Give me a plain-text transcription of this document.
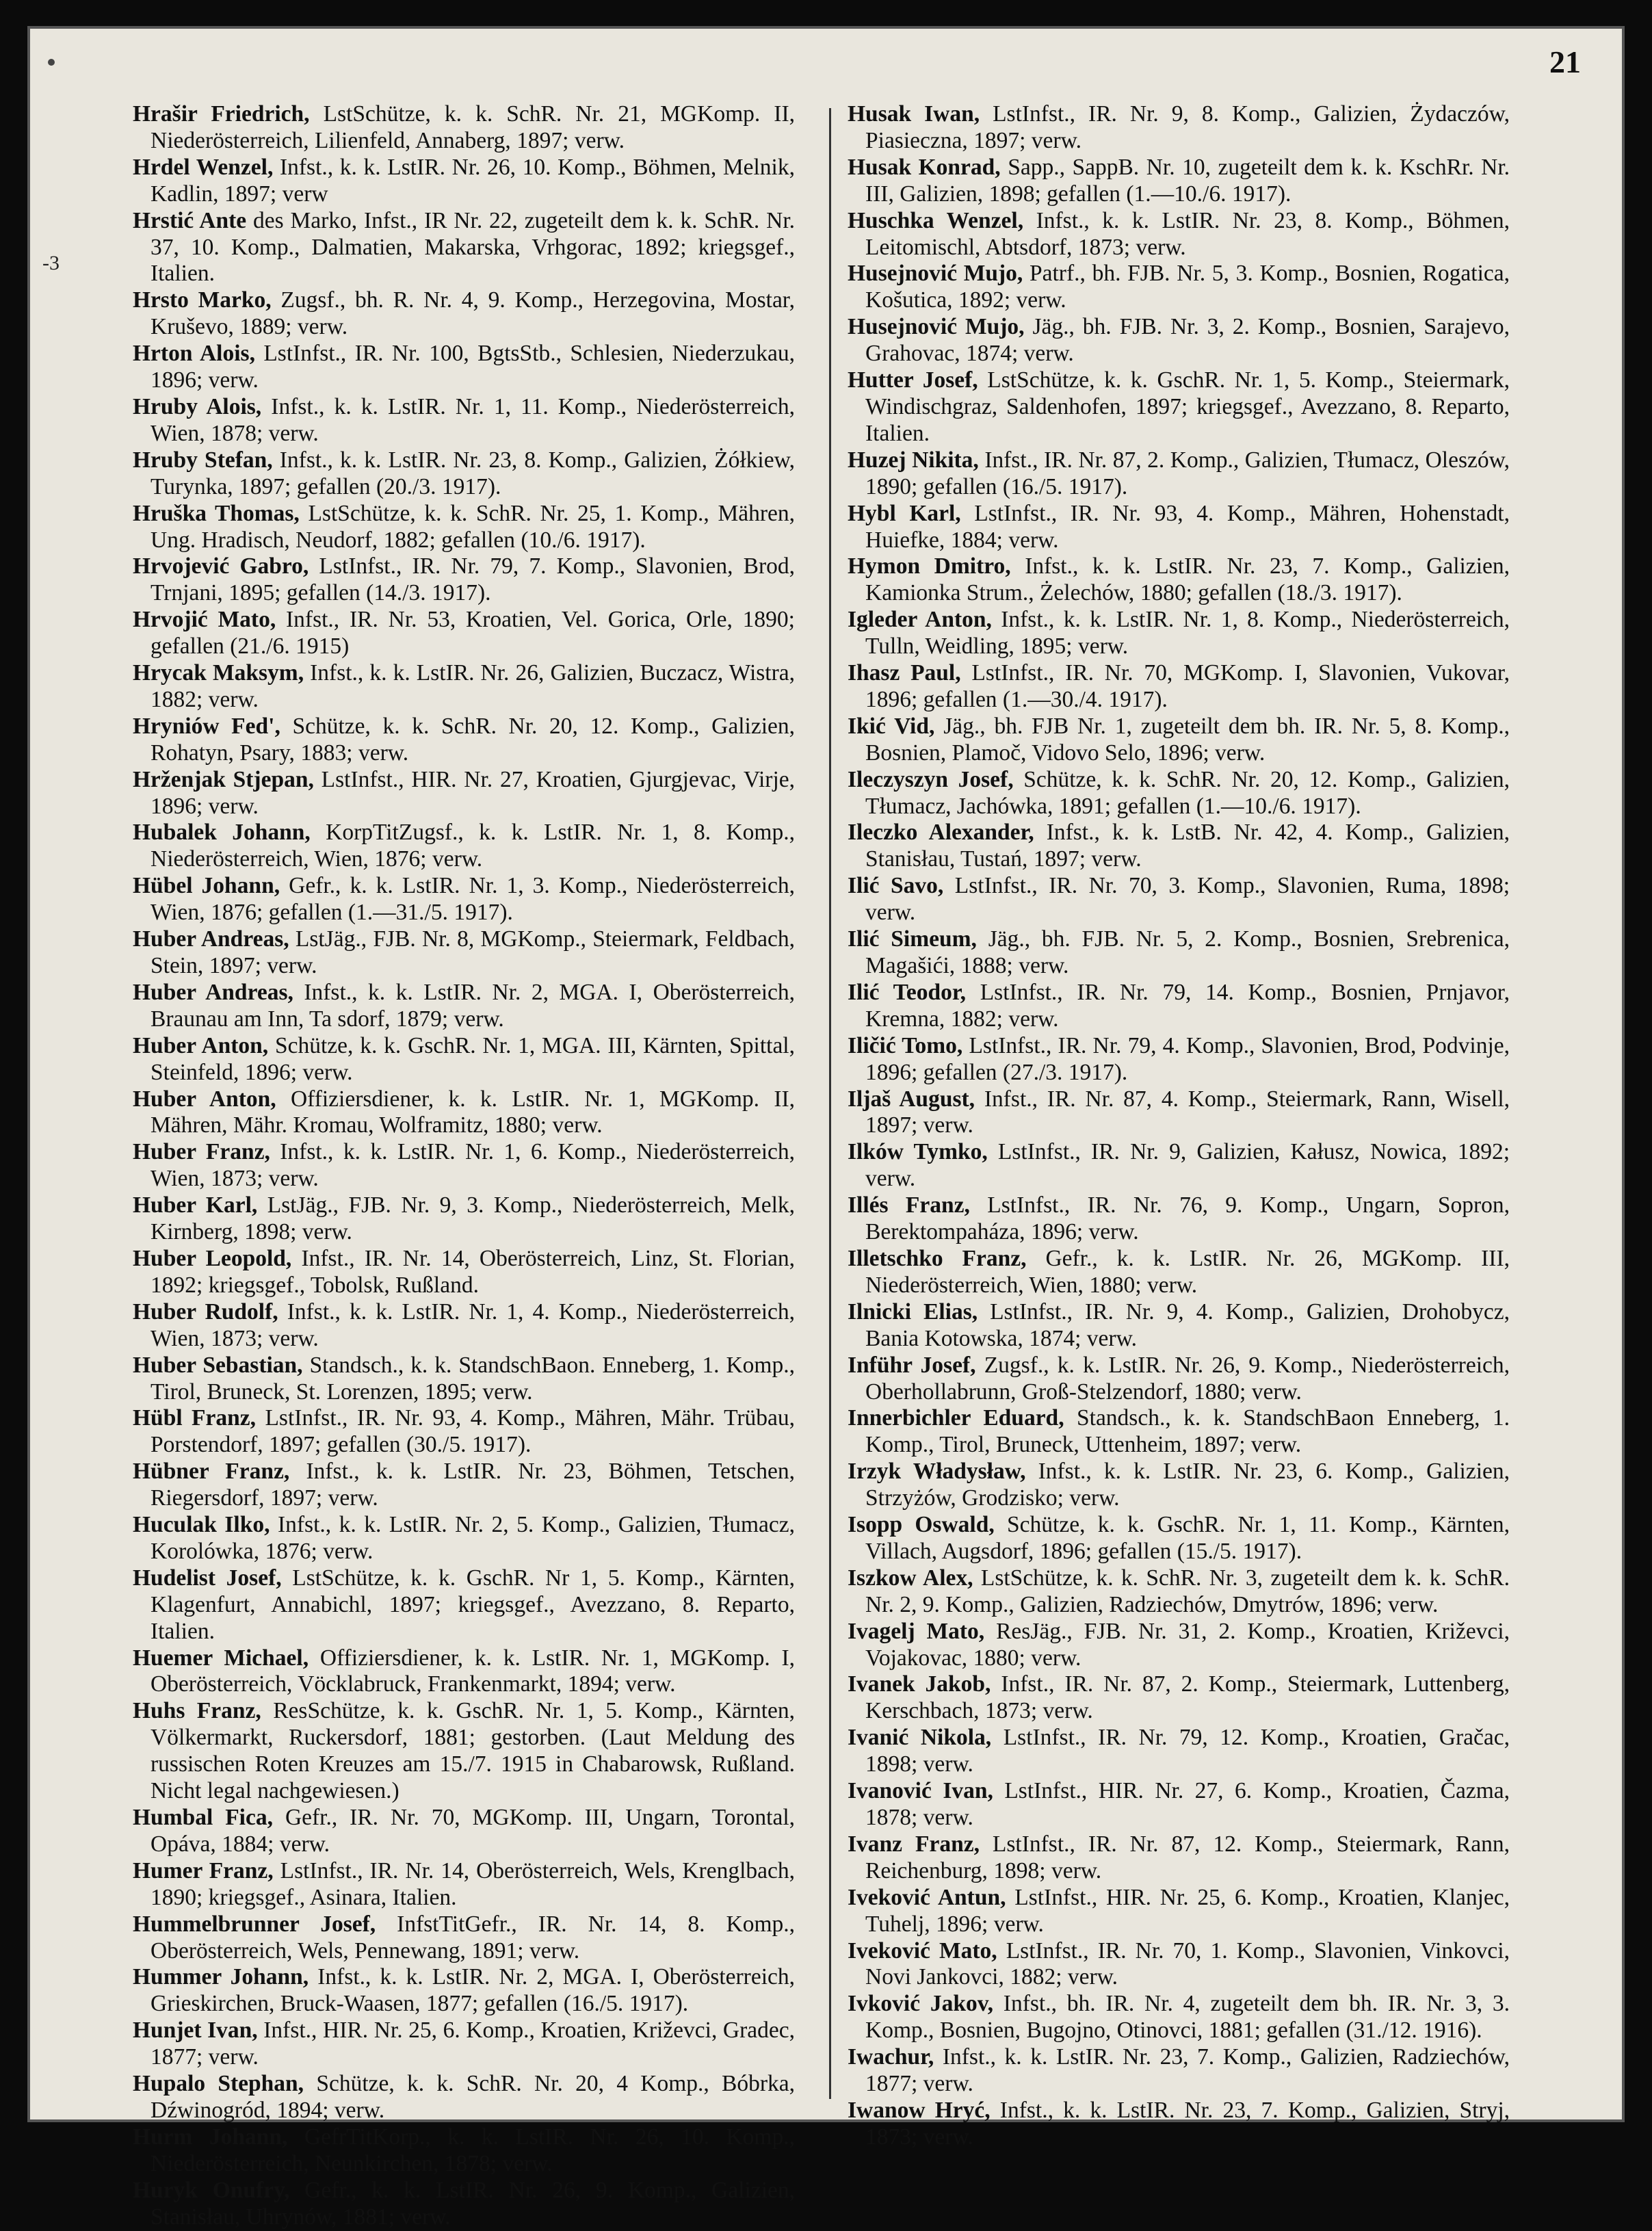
21

Hrašir Friedrich, LstSchütze, k. k. SchR. Nr. 21, MGKomp. II, Niederösterreich, Lilienfeld, Annaberg, 1897; verw.

Hrdel Wenzel, Infst., k. k. LstIR. Nr. 26, 10. Komp., Böhmen, Melnik, Kadlin, 1897; verw

Hrstić Ante des Marko, Infst., IR Nr. 22, zugeteilt dem k. k. SchR. Nr. 37, 10. Komp., Dalmatien, Makarska, Vrhgorac, 1892; kriegsgef., Italien.

Hrsto Marko, Zugsf., bh. R. Nr. 4, 9. Komp., Herzegovina, Mostar, Kruševo, 1889; verw.

Hrton Alois, LstInfst., IR. Nr. 100, BgtsStb., Schlesien, Niederzukau, 1896; verw.

Hruby Alois, Infst., k. k. LstIR. Nr. 1, 11. Komp., Niederösterreich, Wien, 1878; verw.

Hruby Stefan, Infst., k. k. LstIR. Nr. 23, 8. Komp., Galizien, Żółkiew, Turynka, 1897; gefallen (20./3. 1917).

Hruška Thomas, LstSchütze, k. k. SchR. Nr. 25, 1. Komp., Mähren, Ung. Hradisch, Neudorf, 1882; gefallen (10./6. 1917).

Hrvojević Gabro, LstInfst., IR. Nr. 79, 7. Komp., Slavonien, Brod, Trnjani, 1895; gefallen (14./3. 1917).

Hrvojić Mato, Infst., IR. Nr. 53, Kroatien, Vel. Gorica, Orle, 1890; gefallen (21./6. 1915)

Hrycak Maksym, Infst., k. k. LstIR. Nr. 26, Galizien, Buczacz, Wistra, 1882; verw.

Hryniów Fed', Schütze, k. k. SchR. Nr. 20, 12. Komp., Galizien, Rohatyn, Psary, 1883; verw.

Hrženjak Stjepan, LstInfst., HIR. Nr. 27, Kroatien, Gjurgjevac, Virje, 1896; verw.

Hubalek Johann, KorpTitZugsf., k. k. LstIR. Nr. 1, 8. Komp., Niederösterreich, Wien, 1876; verw.

Hübel Johann, Gefr., k. k. LstIR. Nr. 1, 3. Komp., Niederösterreich, Wien, 1876; gefallen (1.—31./5. 1917).

Huber Andreas, LstJäg., FJB. Nr. 8, MGKomp., Steiermark, Feldbach, Stein, 1897; verw.

Huber Andreas, Infst., k. k. LstIR. Nr. 2, MGA. I, Oberösterreich, Braunau am Inn, Ta sdorf, 1879; verw.

Huber Anton, Schütze, k. k. GschR. Nr. 1, MGA. III, Kärnten, Spittal, Steinfeld, 1896; verw.

Huber Anton, Offiziersdiener, k. k. LstIR. Nr. 1, MGKomp. II, Mähren, Mähr. Kromau, Wolframitz, 1880; verw.

Huber Franz, Infst., k. k. LstIR. Nr. 1, 6. Komp., Niederösterreich, Wien, 1873; verw.

Huber Karl, LstJäg., FJB. Nr. 9, 3. Komp., Niederösterreich, Melk, Kirnberg, 1898; verw.

Huber Leopold, Infst., IR. Nr. 14, Oberösterreich, Linz, St. Florian, 1892; kriegsgef., Tobolsk, Rußland.

Huber Rudolf, Infst., k. k. LstIR. Nr. 1, 4. Komp., Niederösterreich, Wien, 1873; verw.

Huber Sebastian, Standsch., k. k. StandschBaon. Enneberg, 1. Komp., Tirol, Bruneck, St. Lorenzen, 1895; verw.

Hübl Franz, LstInfst., IR. Nr. 93, 4. Komp., Mähren, Mähr. Trübau, Porstendorf, 1897; gefallen (30./5. 1917).

Hübner Franz, Infst., k. k. LstIR. Nr. 23, Böhmen, Tetschen, Riegersdorf, 1897; verw.

Huculak Ilko, Infst., k. k. LstIR. Nr. 2, 5. Komp., Galizien, Tłumacz, Korolówka, 1876; verw.

Hudelist Josef, LstSchütze, k. k. GschR. Nr 1, 5. Komp., Kärnten, Klagenfurt, Annabichl, 1897; kriegsgef., Avezzano, 8. Reparto, Italien.

Huemer Michael, Offiziersdiener, k. k. LstIR. Nr. 1, MGKomp. I, Oberösterreich, Vöcklabruck, Frankenmarkt, 1894; verw.

Huhs Franz, ResSchütze, k. k. GschR. Nr. 1, 5. Komp., Kärnten, Völkermarkt, Ruckersdorf, 1881; gestorben. (Laut Meldung des russischen Roten Kreuzes am 15./7. 1915 in Chabarowsk, Rußland. Nicht legal nachgewiesen.)

Humbal Fica, Gefr., IR. Nr. 70, MGKomp. III, Ungarn, Torontal, Opáva, 1884; verw.

Humer Franz, LstInfst., IR. Nr. 14, Oberösterreich, Wels, Krenglbach, 1890; kriegsgef., Asinara, Italien.

Hummelbrunner Josef, InfstTitGefr., IR. Nr. 14, 8. Komp., Oberösterreich, Wels, Pennewang, 1891; verw.

Hummer Johann, Infst., k. k. LstIR. Nr. 2, MGA. I, Oberösterreich, Grieskirchen, Bruck-Waasen, 1877; gefallen (16./5. 1917).

Hunjet Ivan, Infst., HIR. Nr. 25, 6. Komp., Kroatien, Križevci, Gradec, 1877; verw.

Hupalo Stephan, Schütze, k. k. SchR. Nr. 20, 4 Komp., Bóbrka, Dźwinogród, 1894; verw.

Hurm Johann, GefrTitKorp., k. k. LstIR. Nr. 26, 10. Komp., Niederösterreich, Neunkirchen, 1878; verw.

Huryk Onufry, Gefr., k. k. LstIR. Nr. 26, 9. Komp., Galizien, Stanisłau, Uhrynów, 1881; verw.

Husak Iwan, LstInfst., IR. Nr. 9, 8. Komp., Galizien, Żydaczów, Piasieczna, 1897; verw.

Husak Konrad, Sapp., SappB. Nr. 10, zugeteilt dem k. k. KschRr. Nr. III, Galizien, 1898; gefallen (1.—10./6. 1917).

Huschka Wenzel, Infst., k. k. LstIR. Nr. 23, 8. Komp., Böhmen, Leitomischl, Abtsdorf, 1873; verw.

Husejnović Mujo, Patrf., bh. FJB. Nr. 5, 3. Komp., Bosnien, Rogatica, Košutica, 1892; verw.

Husejnović Mujo, Jäg., bh. FJB. Nr. 3, 2. Komp., Bosnien, Sarajevo, Grahovac, 1874; verw.

Hutter Josef, LstSchütze, k. k. GschR. Nr. 1, 5. Komp., Steiermark, Windischgraz, Saldenhofen, 1897; kriegsgef., Avezzano, 8. Reparto, Italien.

Huzej Nikita, Infst., IR. Nr. 87, 2. Komp., Galizien, Tłumacz, Oleszów, 1890; gefallen (16./5. 1917).

Hybl Karl, LstInfst., IR. Nr. 93, 4. Komp., Mähren, Hohenstadt, Huiefke, 1884; verw.

Hymon Dmitro, Infst., k. k. LstIR. Nr. 23, 7. Komp., Galizien, Kamionka Strum., Żelechów, 1880; gefallen (18./3. 1917).

Igleder Anton, Infst., k. k. LstIR. Nr. 1, 8. Komp., Niederösterreich, Tulln, Weidling, 1895; verw.

Ihasz Paul, LstInfst., IR. Nr. 70, MGKomp. I, Slavonien, Vukovar, 1896; gefallen (1.—30./4. 1917).

Ikić Vid, Jäg., bh. FJB Nr. 1, zugeteilt dem bh. IR. Nr. 5, 8. Komp., Bosnien, Plamoč, Vidovo Selo, 1896; verw.

Ileczyszyn Josef, Schütze, k. k. SchR. Nr. 20, 12. Komp., Galizien, Tłumacz, Jachówka, 1891; gefallen (1.—10./6. 1917).

Ileczko Alexander, Infst., k. k. LstB. Nr. 42, 4. Komp., Galizien, Stanisłau, Tustań, 1897; verw.

Ilić Savo, LstInfst., IR. Nr. 70, 3. Komp., Slavonien, Ruma, 1898; verw.

Ilić Simeum, Jäg., bh. FJB. Nr. 5, 2. Komp., Bosnien, Srebrenica, Magašići, 1888; verw.

Ilić Teodor, LstInfst., IR. Nr. 79, 14. Komp., Bosnien, Prnjavor, Kremna, 1882; verw.

Iličić Tomo, LstInfst., IR. Nr. 79, 4. Komp., Slavonien, Brod, Podvinje, 1896; gefallen (27./3. 1917).

Iljaš August, Infst., IR. Nr. 87, 4. Komp., Steiermark, Rann, Wisell, 1897; verw.

Ilków Tymko, LstInfst., IR. Nr. 9, Galizien, Kałusz, Nowica, 1892; verw.

Illés Franz, LstInfst., IR. Nr. 76, 9. Komp., Ungarn, Sopron, Berektompaháza, 1896; verw.

Illetschko Franz, Gefr., k. k. LstIR. Nr. 26, MGKomp. III, Niederösterreich, Wien, 1880; verw.

Ilnicki Elias, LstInfst., IR. Nr. 9, 4. Komp., Galizien, Drohobycz, Bania Kotowska, 1874; verw.

Inführ Josef, Zugsf., k. k. LstIR. Nr. 26, 9. Komp., Niederösterreich, Oberhollabrunn, Groß-Stelzendorf, 1880; verw.

Innerbichler Eduard, Standsch., k. k. StandschBaon Enneberg, 1. Komp., Tirol, Bruneck, Uttenheim, 1897; verw.

Irzyk Władysław, Infst., k. k. LstIR. Nr. 23, 6. Komp., Galizien, Strzyżów, Grodzisko; verw.

Isopp Oswald, Schütze, k. k. GschR. Nr. 1, 11. Komp., Kärnten, Villach, Augsdorf, 1896; gefallen (15./5. 1917).

Iszkow Alex, LstSchütze, k. k. SchR. Nr. 3, zugeteilt dem k. k. SchR. Nr. 2, 9. Komp., Galizien, Radziechów, Dmytrów, 1896; verw.

Ivagelj Mato, ResJäg., FJB. Nr. 31, 2. Komp., Kroatien, Križevci, Vojakovac, 1880; verw.

Ivanek Jakob, Infst., IR. Nr. 87, 2. Komp., Steiermark, Luttenberg, Kerschbach, 1873; verw.

Ivanić Nikola, LstInfst., IR. Nr. 79, 12. Komp., Kroatien, Gračac, 1898; verw.

Ivanović Ivan, LstInfst., HIR. Nr. 27, 6. Komp., Kroatien, Čazma, 1878; verw.

Ivanz Franz, LstInfst., IR. Nr. 87, 12. Komp., Steiermark, Rann, Reichenburg, 1898; verw.

Iveković Antun, LstInfst., HIR. Nr. 25, 6. Komp., Kroatien, Klanjec, Tuhelj, 1896; verw.

Iveković Mato, LstInfst., IR. Nr. 70, 1. Komp., Slavonien, Vinkovci, Novi Jankovci, 1882; verw.

Ivković Jakov, Infst., bh. IR. Nr. 4, zugeteilt dem bh. IR. Nr. 3, 3. Komp., Bosnien, Bugojno, Otinovci, 1881; gefallen (31./12. 1916).

Iwachur, Infst., k. k. LstIR. Nr. 23, 7. Komp., Galizien, Radziechów, 1877; verw.

Iwanow Hryć, Infst., k. k. LstIR. Nr. 23, 7. Komp., Galizien, Stryj, 1873; verw.

-3
